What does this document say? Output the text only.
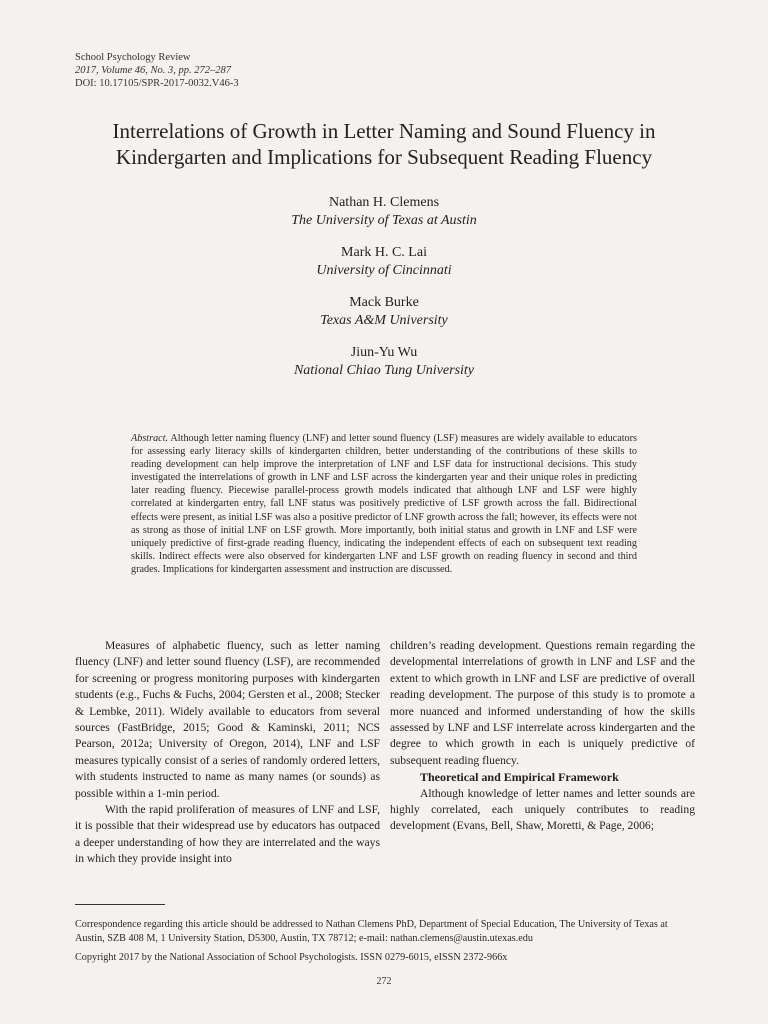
School Psychology Review
2017, Volume 46, No. 3, pp. 272–287
DOI: 10.17105/SPR-2017-0032.V46-3
Interrelations of Growth in Letter Naming and Sound Fluency in Kindergarten and Implications for Subsequent Reading Fluency
Nathan H. Clemens
The University of Texas at Austin
Mark H. C. Lai
University of Cincinnati
Mack Burke
Texas A&M University
Jiun-Yu Wu
National Chiao Tung University
Abstract. Although letter naming fluency (LNF) and letter sound fluency (LSF) measures are widely available to educators for assessing early literacy skills of kindergarten children, better understanding of the contributions of these skills to reading development can help improve the interpretation of LNF and LSF data for instructional decisions. This study investigated the interrelations of growth in LNF and LSF across the kindergarten year and their unique roles in predicting later reading fluency. Piecewise parallel-process growth models indicated that although LNF and LSF were highly correlated at kindergarten entry, fall LNF status was positively predictive of LSF growth across the fall. Bidirectional effects were present, as initial LSF was also a positive predictor of LNF growth across the fall; however, its effects were not as strong as those of initial LNF on LSF growth. More importantly, both initial status and growth in LNF and LSF were uniquely predictive of first-grade reading fluency, indicating the independent effects of each on subsequent text reading skills. Indirect effects were also observed for kindergarten LNF and LSF growth on reading fluency in second and third grades. Implications for kindergarten assessment and instruction are discussed.

Measures of alphabetic fluency, such as letter naming fluency (LNF) and letter sound fluency (LSF), are recommended for screening or progress monitoring purposes with kindergarten students (e.g., Fuchs & Fuchs, 2004; Gersten et al., 2008; Stecker & Lembke, 2011). Widely available to educators from several sources (FastBridge, 2015; Good & Kaminski, 2011; NCS Pearson, 2012a; University of Oregon, 2014), LNF and LSF measures typically consist of a series of randomly ordered letters, with students instructed to name as many names (or sounds) as possible within a 1-min period.

With the rapid proliferation of measures of LNF and LSF, it is possible that their widespread use by educators has outpaced a deeper understanding of how they are interrelated and the ways in which they provide insight into

children’s reading development. Questions remain regarding the developmental interrelations of growth in LNF and LSF and the extent to which growth in LNF and LSF are predictive of overall reading development. The purpose of this study is to promote a more nuanced and informed understanding of how the skills assessed by LNF and LSF interrelate across kindergarten and the degree to which growth in each is uniquely predictive of subsequent reading fluency.

Theoretical and Empirical Framework

Although knowledge of letter names and letter sounds are highly correlated, each uniquely contributes to reading development (Evans, Bell, Shaw, Moretti, & Page, 2006;

Correspondence regarding this article should be addressed to Nathan Clemens PhD, Department of Special Education, The University of Texas at Austin, SZB 408 M, 1 University Station, D5300, Austin, TX 78712; e-mail: nathan.clemens@austin.utexas.edu
Copyright 2017 by the National Association of School Psychologists. ISSN 0279-6015, eISSN 2372-966x
272
